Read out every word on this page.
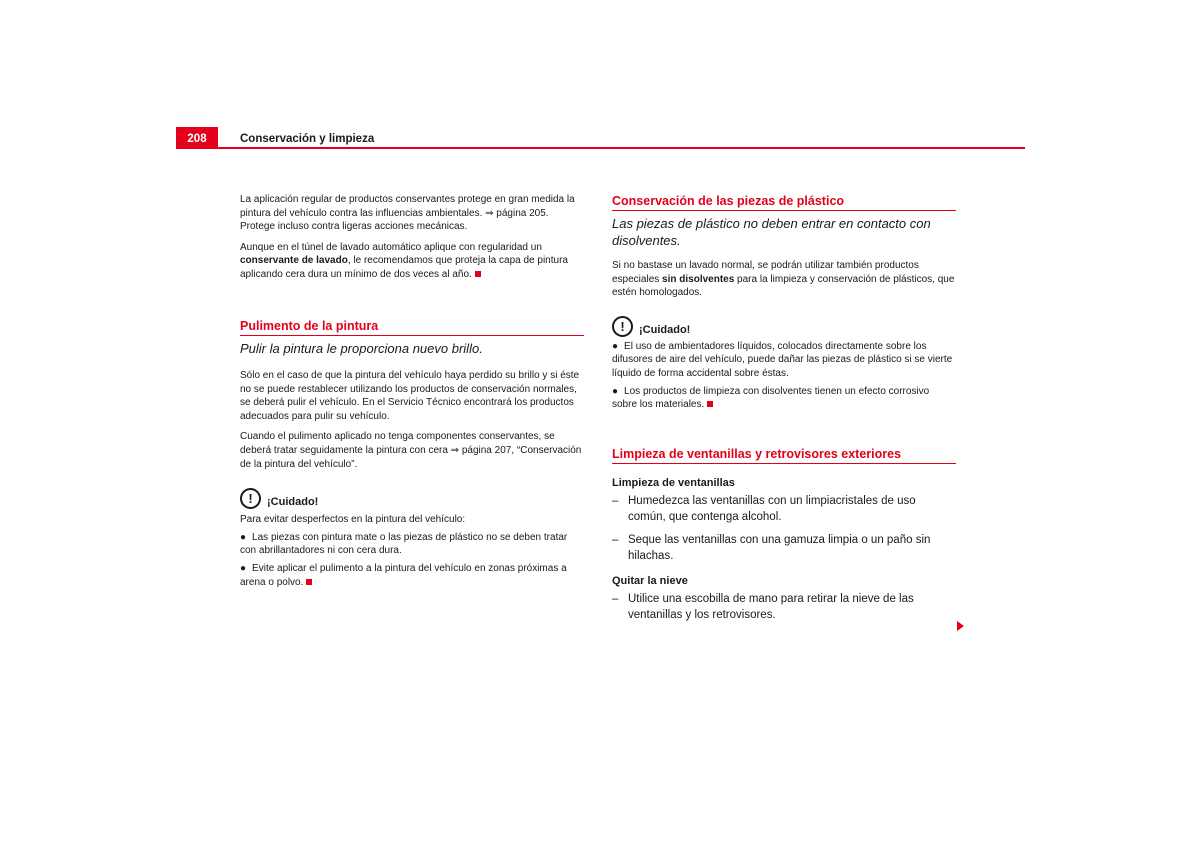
208	Conservación y limpieza

La aplicación regular de productos conservantes protege en gran medida la pintura del vehículo contra las influencias ambientales. ⇒ página 205. Protege incluso contra ligeras acciones mecánicas.

Aunque en el túnel de lavado automático aplique con regularidad un conservante de lavado, le recomendamos que proteja la capa de pintura aplicando cera dura un mínimo de dos veces al año.

Pulimento de la pintura
Pulir la pintura le proporciona nuevo brillo.

Sólo en el caso de que la pintura del vehículo haya perdido su brillo y si éste no se puede restablecer utilizando los productos de conservación normales, se deberá pulir el vehículo. En el Servicio Técnico encontrará los productos adecuados para pulir su vehículo.

Cuando el pulimento aplicado no tenga componentes conservantes, se deberá tratar seguidamente la pintura con cera ⇒ página 207, “Conservación de la pintura del vehículo”.

!	¡Cuidado!

Para evitar desperfectos en la pintura del vehículo:

● Las piezas con pintura mate o las piezas de plástico no se deben tratar con abrillantadores ni con cera dura.

● Evite aplicar el pulimento a la pintura del vehículo en zonas próximas a arena o polvo.

Conservación de las piezas de plástico
Las piezas de plástico no deben entrar en contacto con disolventes.

Si no bastase un lavado normal, se podrán utilizar también productos especiales sin disolventes para la limpieza y conservación de plásticos, que estén homologados.

!	¡Cuidado!

● El uso de ambientadores líquidos, colocados directamente sobre los difusores de aire del vehículo, puede dañar las piezas de plástico si se vierte líquido de forma accidental sobre éstas.

● Los productos de limpieza con disolventes tienen un efecto corrosivo sobre los materiales.

Limpieza de ventanillas y retrovisores exteriores
Limpieza de ventanillas
– Humedezca las ventanillas con un limpiacristales de uso común, que contenga alcohol.
– Seque las ventanillas con una gamuza limpia o un paño sin hilachas.
Quitar la nieve
– Utilice una escobilla de mano para retirar la nieve de las ventanillas y los retrovisores.
